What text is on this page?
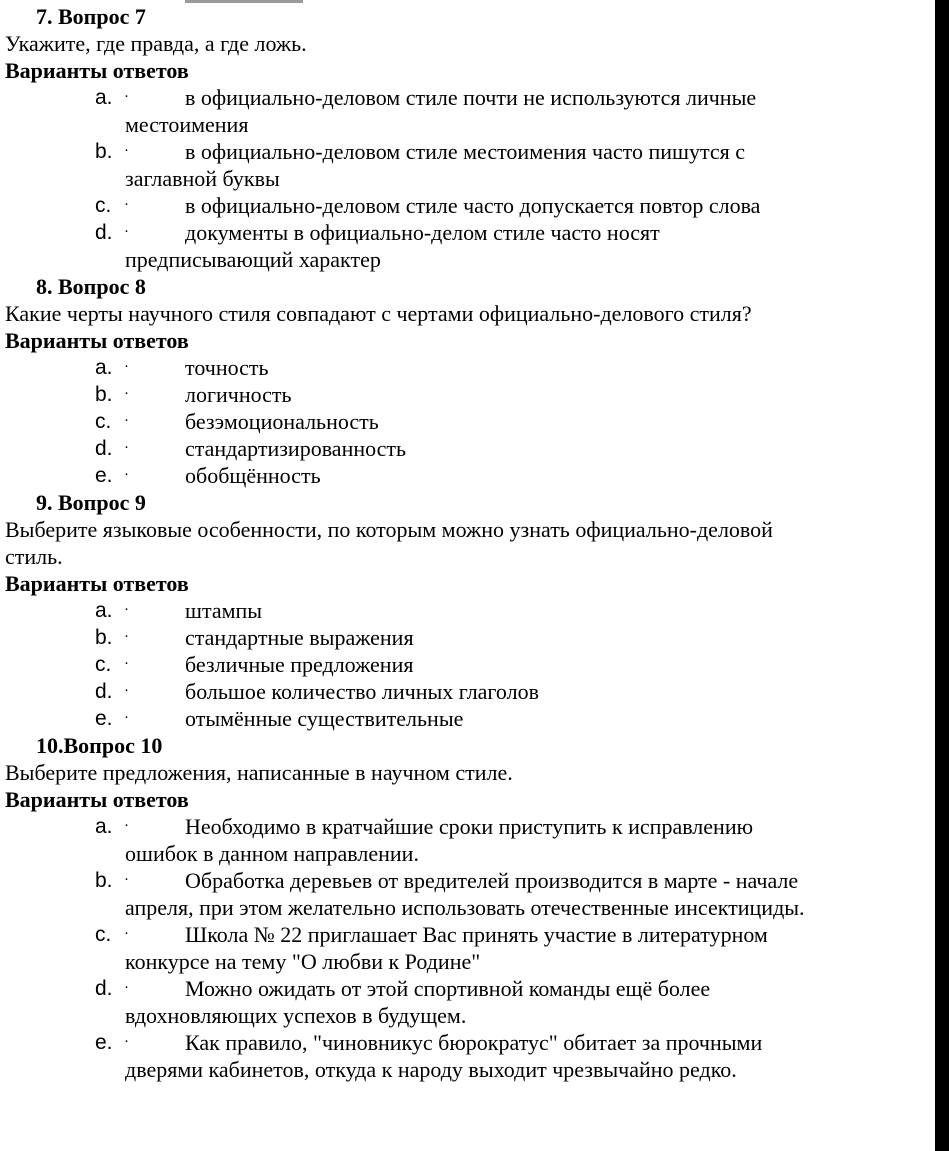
7. Вопрос 7
Укажите, где правда, а где ложь.
Варианты ответов
a. ·	в официально-деловом стиле почти не используются личные
местоимения
b. ·	в официально-деловом стиле местоимения часто пишутся с
заглавной буквы
c. ·	в официально-деловом стиле часто допускается повтор слова
d. ·	документы в официально-делом стиле часто носят
предписывающий характер
8. Вопрос 8
Какие черты научного стиля совпадают с чертами официально-делового стиля?
Варианты ответов
a. ·	точность
b. ·	логичность
c. ·	безэмоциональность
d. ·	стандартизированность
e. ·	обобщённость
9. Вопрос 9
Выберите языковые особенности, по которым можно узнать официально-деловой
стиль.
Варианты ответов
a. ·	штампы
b. ·	стандартные выражения
c. ·	безличные предложения
d. ·	большое количество личных глаголов
e. ·	отымённые существительные
10.Вопрос 10
Выберите предложения, написанные в научном стиле.
Варианты ответов
a. ·	Необходимо в кратчайшие сроки приступить к исправлению
ошибок в данном направлении.
b. ·	Обработка деревьев от вредителей производится в марте - начале
апреля, при этом желательно использовать отечественные инсектициды.
c. ·	Школа № 22 приглашает Вас принять участие в литературном
конкурсе на тему "О любви к Родине"
d. ·	Можно ожидать от этой спортивной команды ещё более
вдохновляющих успехов в будущем.
e. ·	Как правило, "чиновникус бюрократус" обитает за прочными
дверями кабинетов, откуда к народу выходит чрезвычайно редко.
